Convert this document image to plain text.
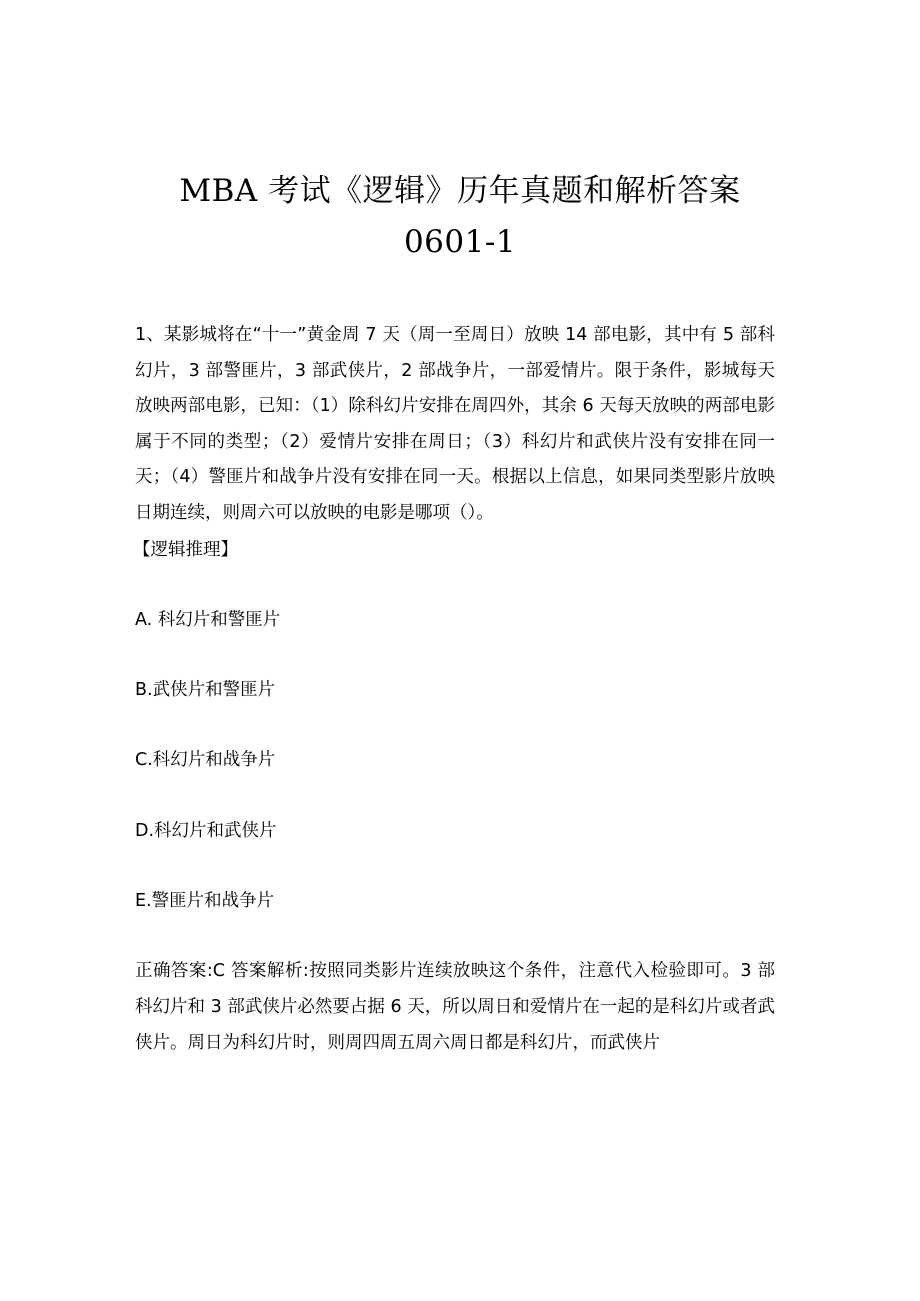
MBA 考试《逻辑》历年真题和解析答案
0601-1

1、某影城将在“十一”黄金周 7 天（周一至周日）放映 14 部电影，其中有 5 部科幻片，3 部警匪片，3 部武侠片，2 部战争片，一部爱情片。限于条件，影城每天放映两部电影，已知：（1）除科幻片安排在周四外，其余 6 天每天放映的两部电影属于不同的类型；（2）爱情片安排在周日；（3）科幻片和武侠片没有安排在同一天；（4）警匪片和战争片没有安排在同一天。根据以上信息，如果同类型影片放映日期连续，则周六可以放映的电影是哪项（）。

【逻辑推理】
A. 科幻片和警匪片
B.武侠片和警匪片
C.科幻片和战争片
D.科幻片和武侠片
E.警匪片和战争片

正确答案:C 答案解析:按照同类影片连续放映这个条件，注意代入检验即可。3 部科幻片和 3 部武侠片必然要占据 6 天，所以周日和爱情片在一起的是科幻片或者武侠片。周日为科幻片时，则周四周五周六周日都是科幻片，而武侠片
